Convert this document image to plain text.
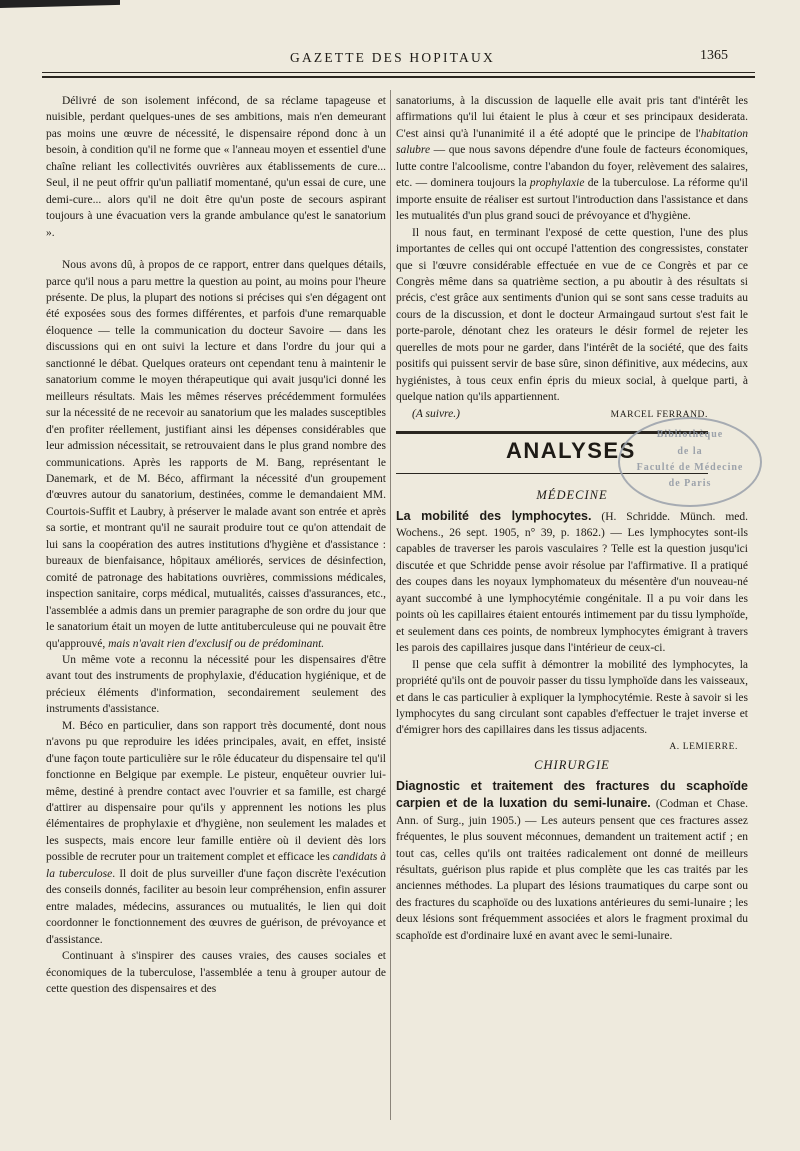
GAZETTE DES HOPITAUX	1365

Délivré de son isolement infécond, de sa réclame tapageuse et nuisible, perdant quelques-unes de ses ambitions, mais n'en demeurant pas moins une œuvre de nécessité, le dispensaire répond donc à un besoin, à condition qu'il ne forme que « l'anneau moyen et essentiel d'une chaîne reliant les collectivités ouvrières aux établissements de cure... Seul, il ne peut offrir qu'un palliatif momentané, qu'un essai de cure, une demi-cure... alors qu'il ne doit être qu'un poste de secours aspirant toujours à une évacuation vers la grande ambulance qu'est le sanatorium ».

Nous avons dû, à propos de ce rapport, entrer dans quelques détails, parce qu'il nous a paru mettre la question au point, au moins pour l'heure présente. De plus, la plupart des notions si précises qui s'en dégagent ont été exposées sous des formes différentes, et parfois d'une remarquable éloquence — telle la communication du docteur Savoire — dans les discussions qui en ont suivi la lecture et dans l'ordre du jour qui a sanctionné le débat. Quelques orateurs ont cependant tenu à maintenir le sanatorium comme le moyen thérapeutique qui avait jusqu'ici donné les meilleurs résultats. Mais les mêmes réserves précédemment formulées sur la nécessité de ne recevoir au sanatorium que les malades susceptibles d'en profiter réellement, justifiant ainsi les dépenses considérables que leur admission nécessitait, se retrouvaient dans le plus grand nombre des communications. Après les rapports de M. Bang, représentant le Danemark, et de M. Béco, affirmant la nécessité d'un groupement d'œuvres autour du sanatorium, destinées, comme le demandaient MM. Courtois-Suffit et Laubry, à préserver le malade avant son entrée et après sa sortie, et montrant qu'il ne saurait produire tout ce qu'on attendait de lui sans la coopération des autres institutions d'hygiène et d'assistance : bureaux de bienfaisance, hôpitaux améliorés, services de désinfection, comité de patronage des habitations ouvrières, commissions médicales, inspection sanitaire, corps médical, mutualités, caisses d'assurances, etc., l'assemblée a admis dans un premier paragraphe de son ordre du jour que le sanatorium était un moyen de lutte antituberculeuse qui ne pouvait être qu'approuvé, mais n'avait rien d'exclusif ou de prédominant.

Un même vote a reconnu la nécessité pour les dispensaires d'être avant tout des instruments de prophylaxie, d'éducation hygiénique, et de précieux éléments d'information, secondairement seulement des instruments d'assistance.

M. Béco en particulier, dans son rapport très documenté, dont nous n'avons pu que reproduire les idées principales, avait, en effet, insisté d'une façon toute particulière sur le rôle éducateur du dispensaire tel qu'il fonctionne en Belgique par exemple. Le pisteur, enquêteur ouvrier lui-même, destiné à prendre contact avec l'ouvrier et sa famille, est chargé d'attirer au dispensaire pour qu'ils y apprennent les notions les plus élémentaires de prophylaxie et d'hygiène, non seulement les malades et les suspects, mais encore leur famille entière où il devient dès lors possible de recruter pour un traitement complet et efficace les candidats à la tuberculose. Il doit de plus surveiller d'une façon discrète l'exécution des conseils donnés, faciliter au besoin leur compréhension, enfin assurer entre malades, médecins, assurances ou mutualités, le lien qui doit coordonner le fonctionnement des œuvres de guérison, de prévoyance et d'assistance.

Continuant à s'inspirer des causes vraies, des causes sociales et économiques de la tuberculose, l'assemblée a tenu à grouper autour de cette question des dispensaires et des

sanatoriums, à la discussion de laquelle elle avait pris tant d'intérêt les affirmations qu'il lui étaient le plus à cœur et ses principaux desiderata. C'est ainsi qu'à l'unanimité il a été adopté que le principe de l'habitation salubre — que nous savons dépendre d'une foule de facteurs économiques, lutte contre l'alcoolisme, contre l'abandon du foyer, relèvement des salaires, etc. — dominera toujours la prophylaxie de la tuberculose. La réforme qu'il importe ensuite de réaliser est surtout l'introduction dans l'assistance et dans les mutualités d'un plus grand souci de prévoyance et d'hygiène.

Il nous faut, en terminant l'exposé de cette question, l'une des plus importantes de celles qui ont occupé l'attention des congressistes, constater que si l'œuvre considérable effectuée en vue de ce Congrès et par ce Congrès même dans sa quatrième section, a pu aboutir à des résultats si précis, c'est grâce aux sentiments d'union qui se sont sans cesse traduits au cours de la discussion, et dont le docteur Armaingaud surtout s'est fait le porte-parole, dénotant chez les orateurs le désir formel de rejeter les querelles de mots pour ne garder, dans l'intérêt de la société, que des faits positifs qui puissent servir de base sûre, sinon définitive, aux médecins, aux hygiénistes, à tous ceux enfin épris du mieux social, à quelque parti, à quelque nation qu'ils appartiennent.

(A suivre.)	MARCEL FERRAND.
ANALYSES
Bibliothèque
de la
Faculté de Médecine
de Paris
MÉDECINE

La mobilité des lymphocytes. (H. Schridde. Münch. med. Wochens., 26 sept. 1905, n° 39, p. 1862.) — Les lymphocytes sont-ils capables de traverser les parois vasculaires ? Telle est la question jusqu'ici discutée et que Schridde pense avoir résolue par l'affirmative. Il a pratiqué des coupes dans les noyaux lymphomateux du mésentère d'un nouveau-né ayant succombé à une lymphocytémie congénitale. Il a pu voir dans les points où les capillaires étaient entourés intimement par du tissu lymphoïde, et seulement dans ces points, de nombreux lymphocytes émigrant à travers les parois des capillaires jusque dans l'intérieur de ceux-ci.

Il pense que cela suffit à démontrer la mobilité des lymphocytes, la propriété qu'ils ont de pouvoir passer du tissu lymphoïde dans les vaisseaux, et dans le cas particulier à expliquer la lymphocytémie. Reste à savoir si les lymphocytes du sang circulant sont capables d'effectuer le trajet inverse et d'émigrer hors des capillaires dans les tissus adjacents.

A. LEMIERRE.

CHIRURGIE

Diagnostic et traitement des fractures du scaphoïde carpien et de la luxation du semi-lunaire. (Codman et Chase. Ann. of Surg., juin 1905.) — Les auteurs pensent que ces fractures assez fréquentes, le plus souvent méconnues, demandent un traitement actif ; en tout cas, celles qu'ils ont traitées radicalement ont donné de meilleurs résultats, guérison plus rapide et plus complète que les cas traités par les anciennes méthodes. La plupart des lésions traumatiques du carpe sont ou des fractures du scaphoïde ou des luxations antérieures du semi-lunaire ; les deux lésions sont fréquemment associées et alors le fragment proximal du scaphoïde est d'ordinaire luxé en avant avec le semi-lunaire.
